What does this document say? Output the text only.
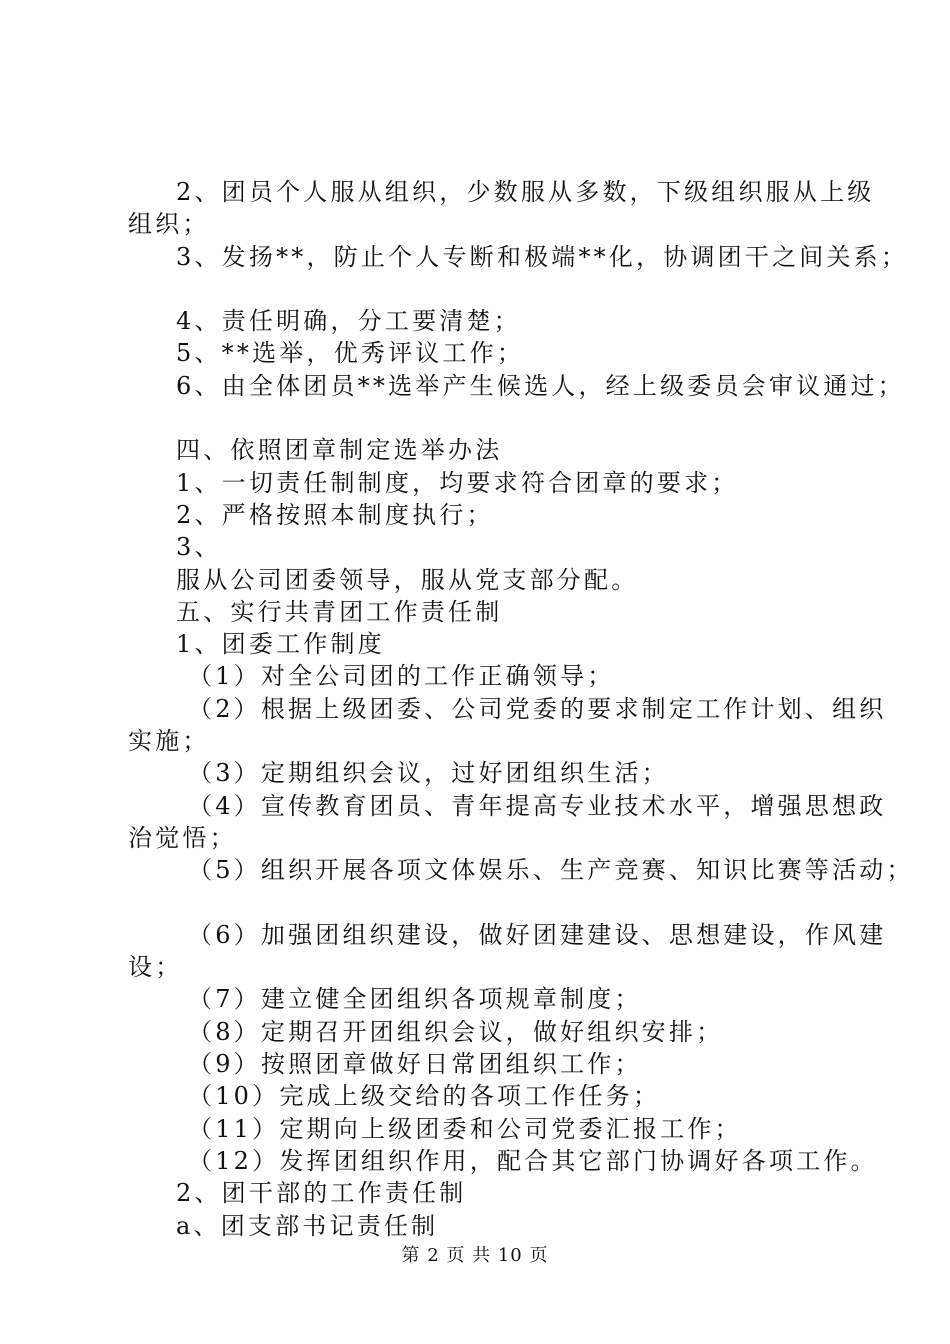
2、团员个人服从组织，少数服从多数，下级组织服从上级
组织；
3、发扬**，防止个人专断和极端**化，协调团干之间关系；
4、责任明确，分工要清楚；
5、**选举，优秀评议工作；
6、由全体团员**选举产生候选人，经上级委员会审议通过；
四、依照团章制定选举办法
1、一切责任制制度，均要求符合团章的要求；
2、严格按照本制度执行；
3、
服从公司团委领导，服从党支部分配。
五、实行共青团工作责任制
1、团委工作制度
（1）对全公司团的工作正确领导；
（2）根据上级团委、公司党委的要求制定工作计划、组织
实施；
（3）定期组织会议，过好团组织生活；
（4）宣传教育团员、青年提高专业技术水平，增强思想政
治觉悟；
（5）组织开展各项文体娱乐、生产竞赛、知识比赛等活动；
（6）加强团组织建设，做好团建建设、思想建设，作风建
设；
（7）建立健全团组织各项规章制度；
（8）定期召开团组织会议，做好组织安排；
（9）按照团章做好日常团组织工作；
（10）完成上级交给的各项工作任务；
（11）定期向上级团委和公司党委汇报工作；
（12）发挥团组织作用，配合其它部门协调好各项工作。
2、团干部的工作责任制
a、团支部书记责任制
第 2 页 共 10 页
